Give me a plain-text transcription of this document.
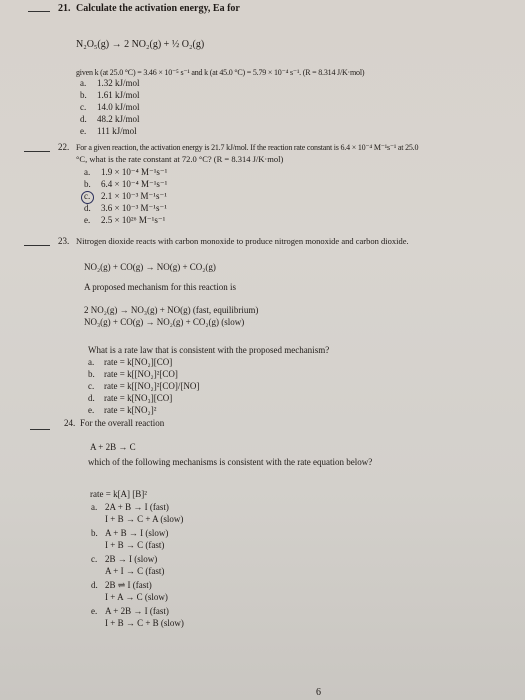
21. Calculate the activation energy, Ea for
N₂O₅(g) → 2 NO₂(g) + ½ O₂(g)
given k (at 25.0 °C) = 3.46 × 10⁻⁵ s⁻¹ and k (at 45.0 °C) = 5.79 × 10⁻⁴ s⁻¹. (R = 8.314 J/K·mol)
a. 1.32 kJ/mol
b. 1.61 kJ/mol
c. 14.0 kJ/mol
d. 48.2 kJ/mol
e. 111 kJ/mol
22. For a given reaction, the activation energy is 21.7 kJ/mol. If the reaction rate constant is 6.4 × 10⁻⁴ M⁻¹s⁻¹ at 25.0
°C, what is the rate constant at 72.0 °C? (R = 8.314 J/K·mol)
a. 1.9 × 10⁻⁴ M⁻¹s⁻¹
b. 6.4 × 10⁻⁴ M⁻¹s⁻¹
c. 2.1 × 10⁻³ M⁻¹s⁻¹
d. 3.6 × 10⁻³ M⁻¹s⁻¹
e. 2.5 × 10²⁶ M⁻¹s⁻¹
23. Nitrogen dioxide reacts with carbon monoxide to produce nitrogen monoxide and carbon dioxide.
NO₂(g) + CO(g) → NO(g) + CO₂(g)
A proposed mechanism for this reaction is
2 NO₂(g) → NO₃(g) + NO(g) (fast, equilibrium)
NO₃(g) + CO(g) → NO₂(g) + CO₂(g) (slow)
What is a rate law that is consistent with the proposed mechanism?
a. rate = k[NO₂][CO]
b. rate = k[[NO₂]²[CO]
c. rate = k[[NO₂]²[CO]/[NO]
d. rate = k[NO₃][CO]
e. rate = k[NO₂]²
24. For the overall reaction
A + 2B → C
which of the following mechanisms is consistent with the rate equation below?
rate = k[A] [B]²
a. 2A + B → I (fast)
I + B → C + A (slow)
b. A + B → I (slow)
I + B → C (fast)
c. 2B → I (slow)
A + I → C (fast)
d. 2B ⇌ I (fast)
I + A → C (slow)
e. A + 2B → I (fast)
I + B → C + B (slow)
6
